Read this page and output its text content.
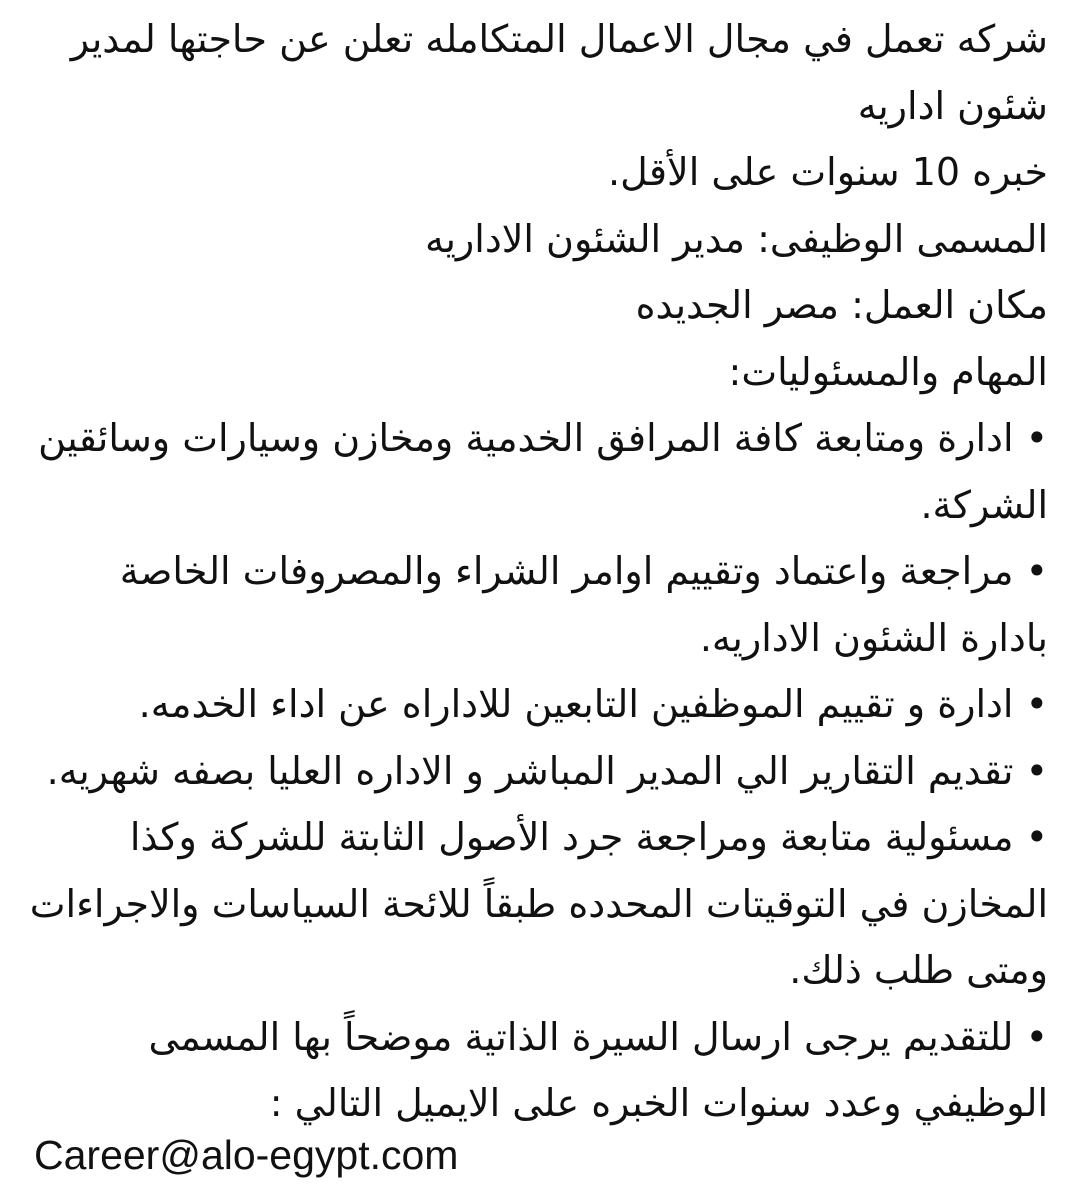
شركه تعمل في مجال الاعمال المتكامله تعلن عن حاجتها لمدير شئون اداريه

خبره 10 سنوات على الأقل.

المسمى الوظيفى: مدير الشئون الاداريه

مكان العمل: مصر الجديده

المهام والمسئوليات:

• ادارة ومتابعة كافة المرافق الخدمية ومخازن وسيارات وسائقين الشركة.

• مراجعة واعتماد وتقييم اوامر الشراء والمصروفات الخاصة بادارة الشئون الاداريه.

• ادارة و تقييم الموظفين التابعين للاداراه عن اداء الخدمه.

• تقديم التقارير الي المدير المباشر و الاداره العليا بصفه شهريه.

• مسئولية متابعة ومراجعة جرد الأصول الثابتة للشركة وكذا المخازن في التوقيتات المحدده طبقاً للائحة السياسات والاجراءات ومتى طلب ذلك.

• للتقديم يرجى ارسال السيرة الذاتية موضحاً بها المسمى الوظيفي وعدد سنوات الخبره على الايميل التالي :

Career@alo-egypt.com
